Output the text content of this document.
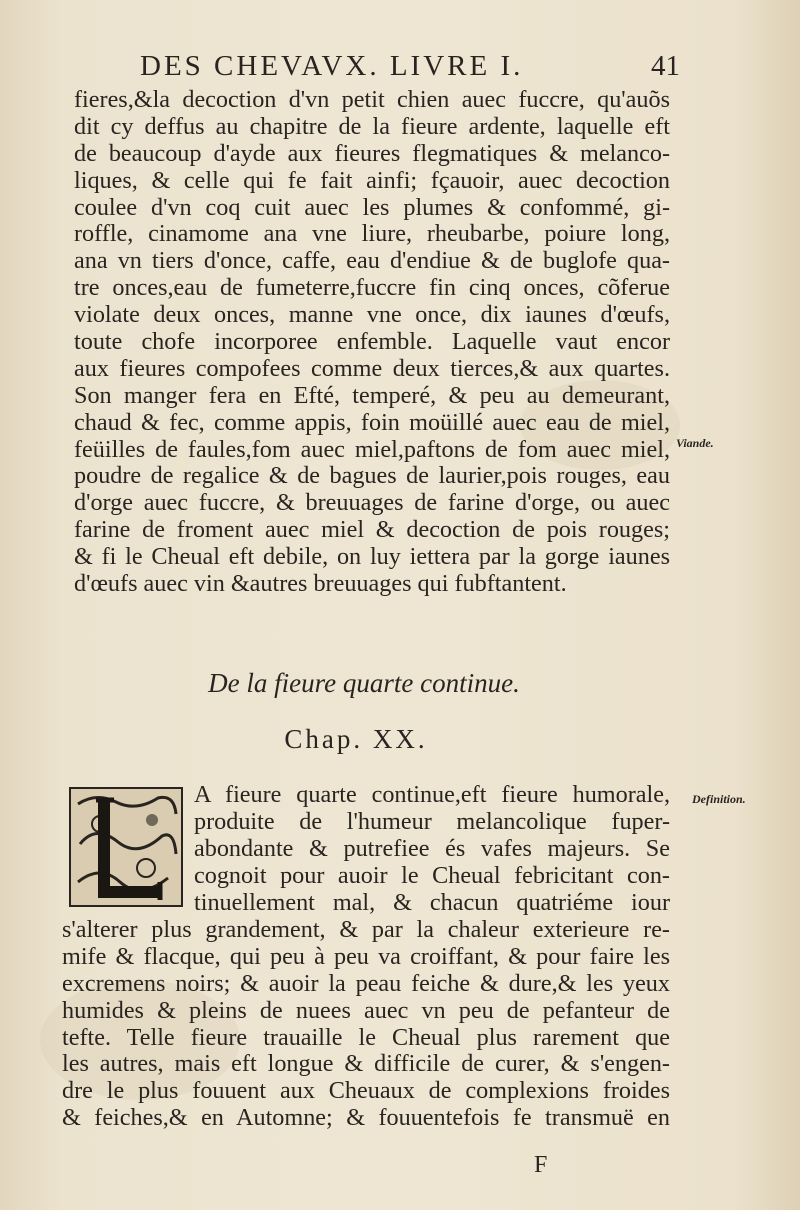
DES CHEVAVX. LIVRE I.	41
fieres,&la decoction d'vn petit chien auec fuccre, qu'auõs
dit cy deffus au chapitre de la fieure ardente, laquelle eft
de beaucoup d'ayde aux fieures flegmatiques & melanco-
liques, & celle qui fe fait ainfi; fçauoir, auec decoction
coulee d'vn coq cuit auec les plumes & confommé, gi-
roffle, cinamome ana vne liure, rheubarbe, poiure long,
ana vn tiers d'once, caffe, eau d'endiue & de buglofe qua-
tre onces,eau de fumeterre,fuccre fin cinq onces, cõferue
violate deux onces, manne vne once, dix iaunes d'œufs,
toute chofe incorporee enfemble. Laquelle vaut encor
aux fieures compofees comme deux tierces,& aux quartes.
Son manger fera en Efté, temperé, & peu au demeurant,
chaud & fec, comme appis, foin moüillé auec eau de miel,
feüilles de faules,fom auec miel,paftons de fom auec miel,
poudre de regalice & de bagues de laurier,pois rouges, eau
d'orge auec fuccre, & breuuages de farine d'orge, ou auec
farine de froment auec miel & decoction de pois rouges;
& fi le Cheual eft debile, on luy iettera par la gorge iaunes
d'œufs auec vin &autres breuuages qui fubftantent.
Viande.
De la fieure quarte continue.
Chap. XX.
A fieure quarte continue,eft fieure humorale,
produite de l'humeur melancolique fuper-
abondante & putrefiee és vafes majeurs. Se
cognoit pour auoir le Cheual febricitant con-
tinuellement mal, & chacun quatriéme iour
Definition.
s'alterer plus grandement, & par la chaleur exterieure re-
mife & flacque, qui peu à peu va croiffant, & pour faire les
excremens noirs; & auoir la peau feiche & dure,& les yeux
humides & pleins de nuees auec vn peu de pefanteur de
tefte. Telle fieure trauaille le Cheual plus rarement que
les autres, mais eft longue & difficile de curer, & s'engen-
dre le plus fouuent aux Cheuaux de complexions froides
& feiches,& en Automne; & fouuentefois fe transmuë en
F
